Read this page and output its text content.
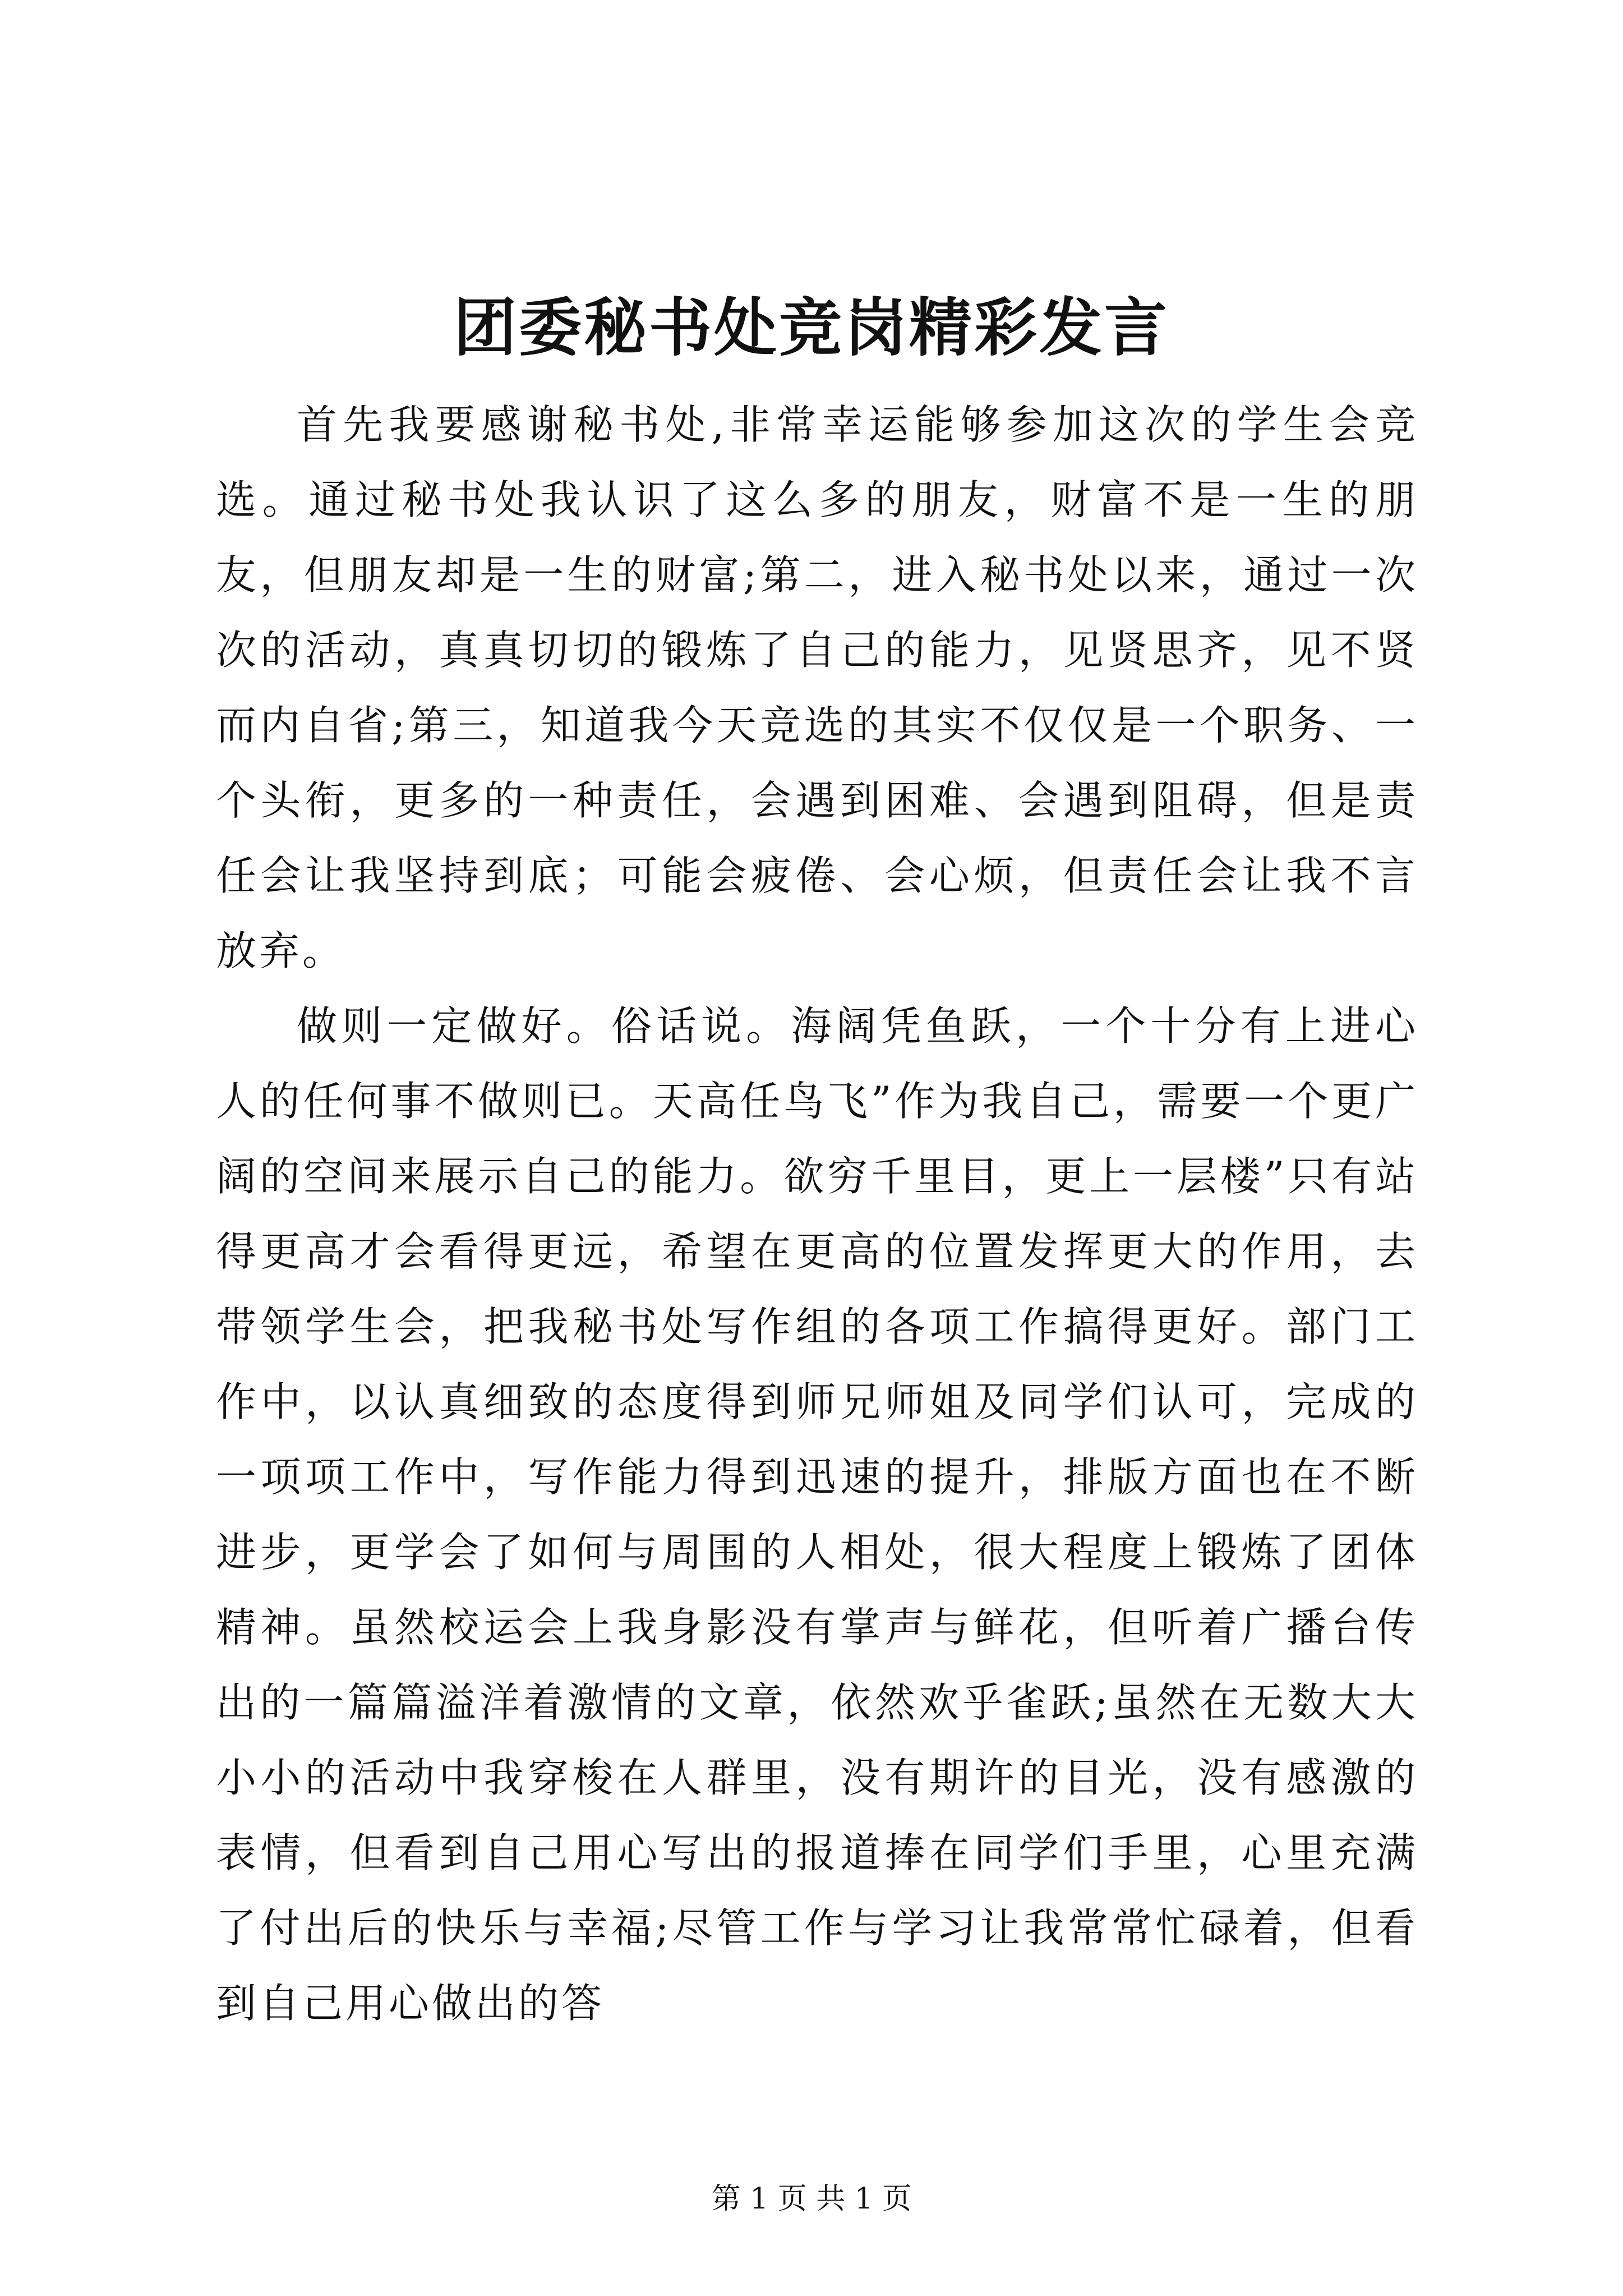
团委秘书处竞岗精彩发言

首先我要感谢秘书处,非常幸运能够参加这次的学生会竞选。通过秘书处我认识了这么多的朋友，财富不是一生的朋友，但朋友却是一生的财富;第二，进入秘书处以来，通过一次次的活动，真真切切的锻炼了自己的能力，见贤思齐，见不贤而内自省;第三，知道我今天竞选的其实不仅仅是一个职务、一个头衔，更多的一种责任，会遇到困难、会遇到阻碍，但是责任会让我坚持到底；可能会疲倦、会心烦，但责任会让我不言放弃。

做则一定做好。俗话说。海阔凭鱼跃，一个十分有上进心人的任何事不做则已。天高任鸟飞”作为我自己，需要一个更广阔的空间来展示自己的能力。欲穷千里目，更上一层楼”只有站得更高才会看得更远，希望在更高的位置发挥更大的作用，去带领学生会，把我秘书处写作组的各项工作搞得更好。部门工作中，以认真细致的态度得到师兄师姐及同学们认可，完成的一项项工作中，写作能力得到迅速的提升，排版方面也在不断进步，更学会了如何与周围的人相处，很大程度上锻炼了团体精神。虽然校运会上我身影没有掌声与鲜花，但听着广播台传出的一篇篇溢洋着激情的文章，依然欢乎雀跃;虽然在无数大大小小的活动中我穿梭在人群里，没有期许的目光，没有感激的表情，但看到自己用心写出的报道捧在同学们手里，心里充满了付出后的快乐与幸福;尽管工作与学习让我常常忙碌着，但看到自己用心做出的答

第 1 页 共 1 页
